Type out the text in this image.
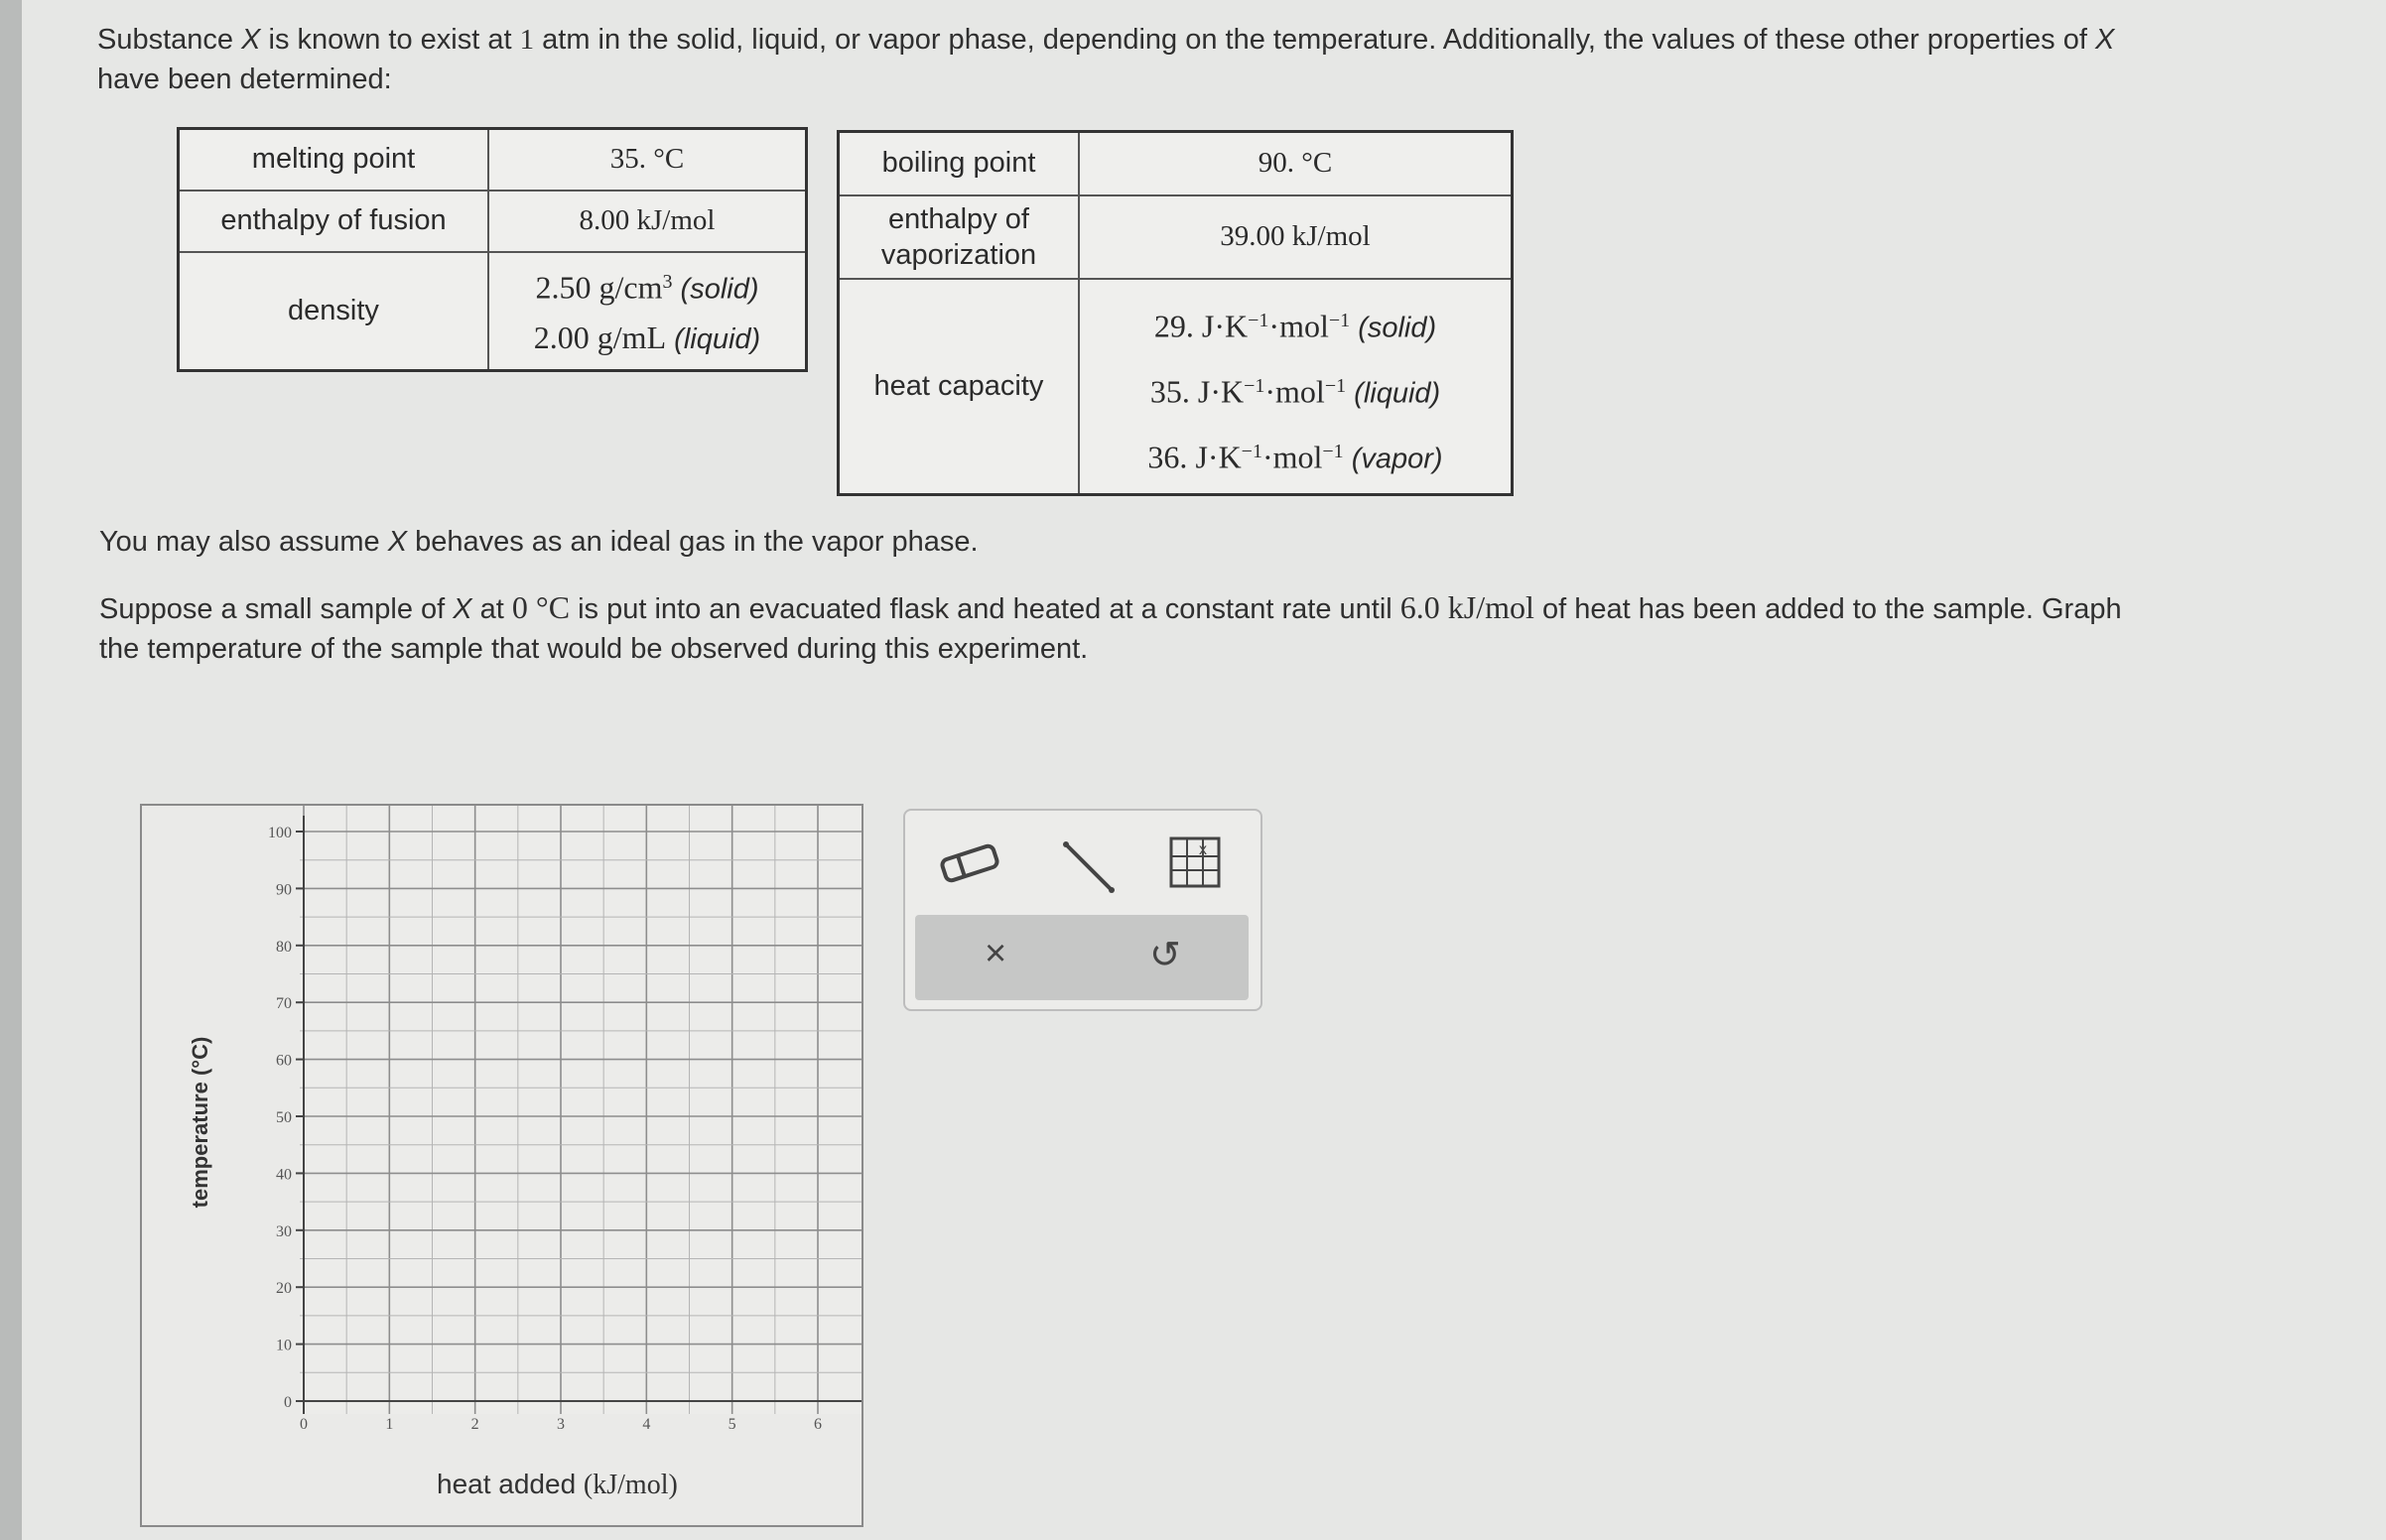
Substance X is known to exist at 1 atm in the solid, liquid, or vapor phase, depending on the temperature. Additionally, the values of these other properties of X
have been determined:
melting point	35. °C
enthalpy of fusion	8.00 kJ/mol
density	2.50 $g/cm^3$ (solid)
2.00 g/mL (liquid)
boiling point	90. °C
enthalpy of
vaporization	39.00 kJ/mol
heat capacity	29. $J\cdot K^{-1}\cdot mol^{-1}$ (solid)
35. $J\cdot K^{-1}\cdot mol^{-1}$ (liquid)
36. $J\cdot K^{-1}\cdot mol^{-1}$ (vapor)
You may also assume X behaves as an ideal gas in the vapor phase.
Suppose a small sample of X at 0 °C is put into an evacuated flask and heated at a constant rate until 6.0 kJ/mol of heat has been added to the sample. Graph
the temperature of the sample that would be observed during this experiment.
temperature (°C)
0
10
20
30
40
50
60
70
80
90
100
0	1	2	3	4	5	6
heat added (kJ/mol)
x
×	↺
